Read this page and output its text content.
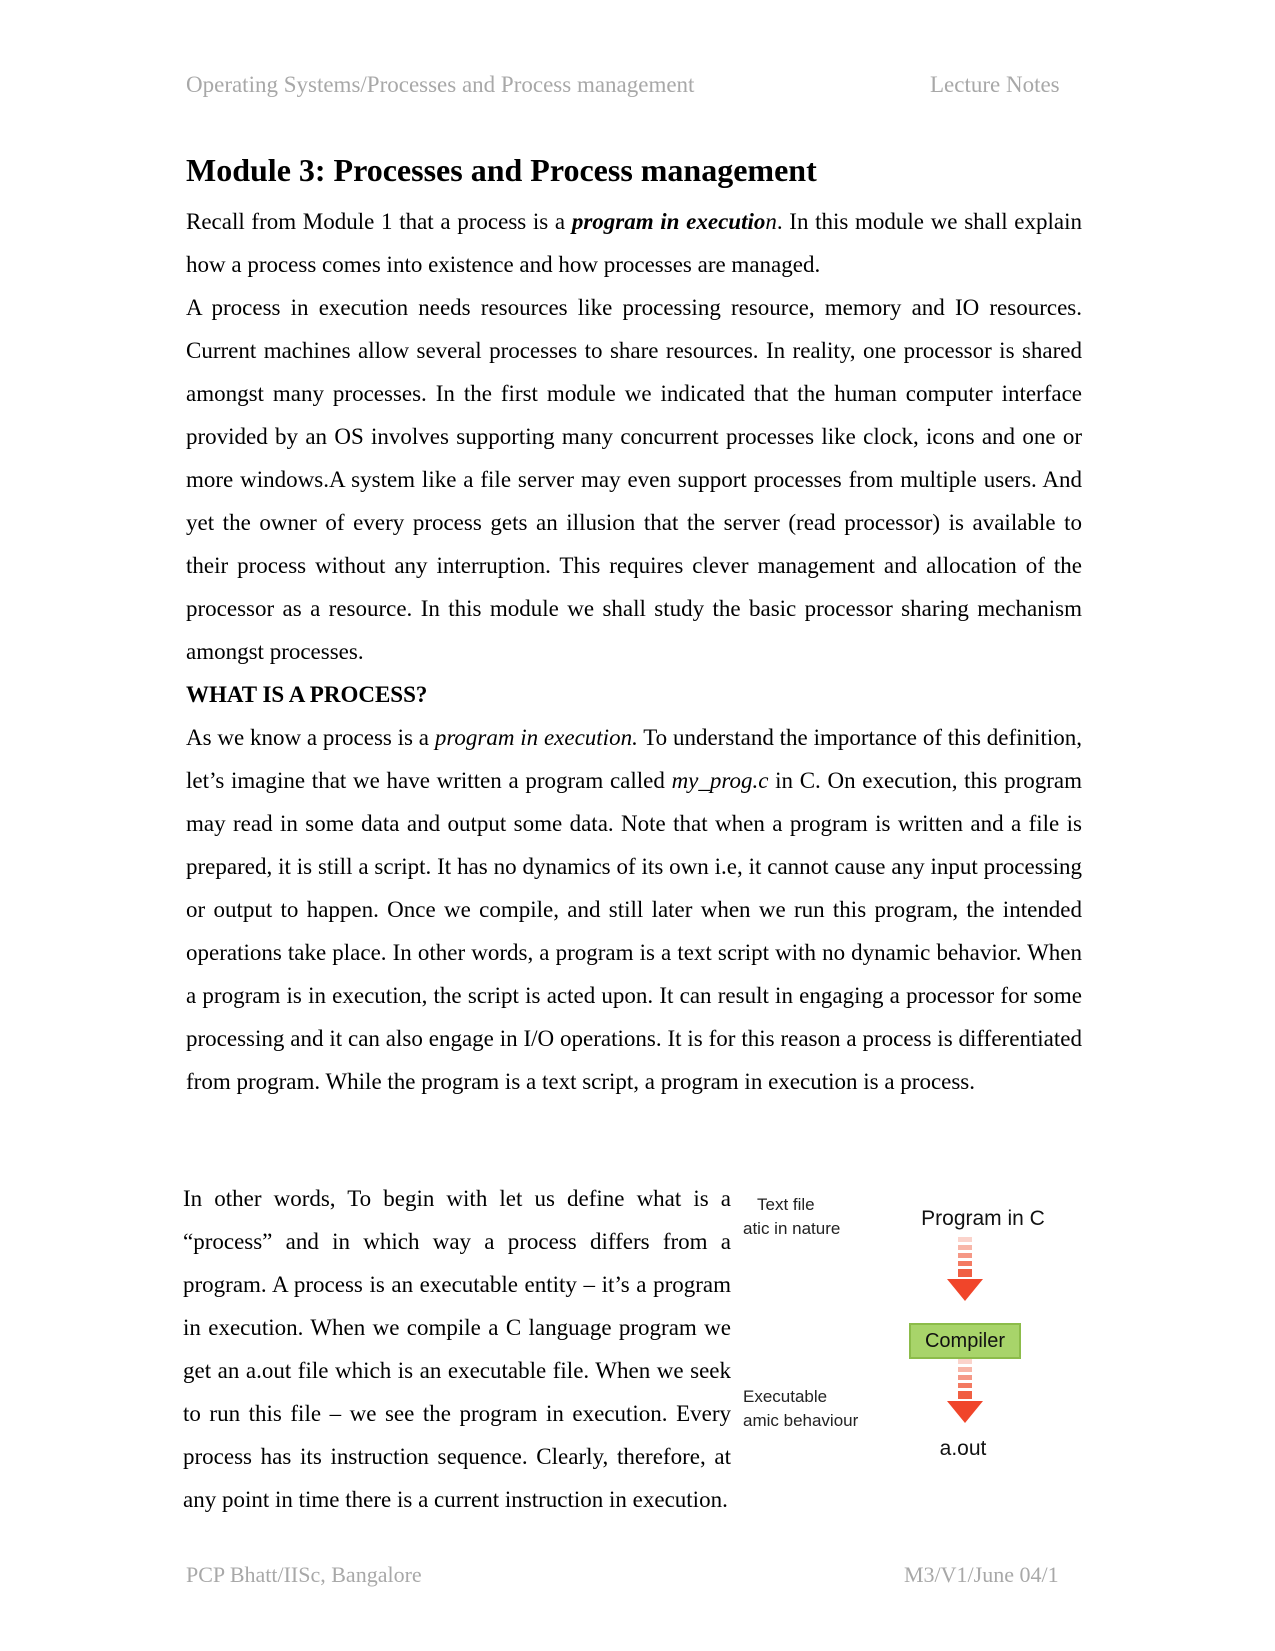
Operating Systems/Processes and Process management	Lecture Notes
Module 3: Processes and Process management

Recall from Module 1 that a process is a program in execution. In this module we shall explain how a process comes into existence and how processes are managed.

A process in execution needs resources like processing resource, memory and IO resources. Current machines allow several processes to share resources. In reality, one processor is shared amongst many processes. In the first module we indicated that the human computer interface provided by an OS involves supporting many concurrent processes like clock, icons and one or more windows.A system like a file server may even support processes from multiple users. And yet the owner of every process gets an illusion that the server (read processor) is available to their process without any interruption. This requires clever management and allocation of the processor as a resource. In this module we shall study the basic processor sharing mechanism amongst processes.

WHAT IS A PROCESS?

As we know a process is a program in execution. To understand the importance of this definition, let’s imagine that we have written a program called my_prog.c in C. On execution, this program may read in some data and output some data. Note that when a program is written and a file is prepared, it is still a script. It has no dynamics of its own i.e, it cannot cause any input processing or output to happen. Once we compile, and still later when we run this program, the intended operations take place. In other words, a program is a text script with no dynamic behavior. When a program is in execution, the script is acted upon. It can result in engaging a processor for some processing and it can also engage in I/O operations. It is for this reason a process is differentiated from program. While the program is a text script, a program in execution is a process.

In other words, To begin with let us define what is a “process” and in which way a process differs from a program. A process is an executable entity – it’s a program in execution. When we compile a C language program we get an a.out file which is an executable file. When we seek to run this file – we see the program in execution. Every process has its instruction sequence. Clearly, therefore, at any point in time there is a current instruction in execution.

Text file
atic in nature
Executable
amic behaviour
Program in C
Compiler
a.out
PCP Bhatt/IISc, Bangalore	M3/V1/June 04/1
